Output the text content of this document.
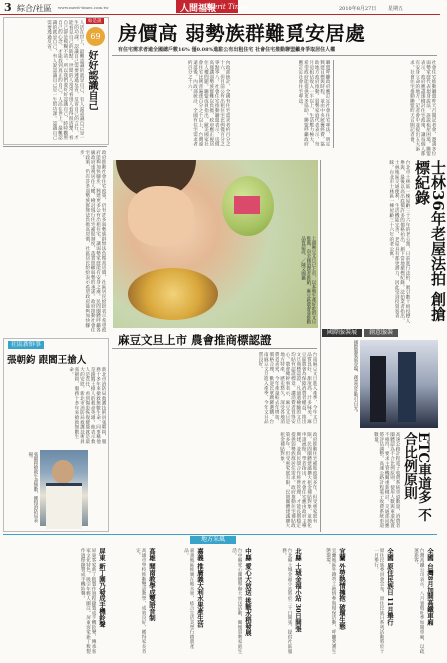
3 綜合/社區 www.merit-times.com.tw	人間福報
Merit Times	2010年8月27日 星期五
如是說
69
好好認識自己
人活在世上，最難認識的就是自己，有人說認識自己是一生的功課。認識自己需要透過反省，反省自己的言行，才能看見自己的缺點。世間的人常常看別人看得很清楚，看自己卻是模糊不清。所以我們要好好認識自己，時時觀照自己的心念，才能找到真正的自己。人活在世上，最難認識的就是自己，有人說認識自己是一生的功課。認識自己需要透過反省。
政府推動社會住宅政策，仍有許多弱勢族群無法負擔高房價，社區居民紛紛表示希望政府能夠加快腳步，興建更多公有出租住宅，讓弱勢家庭能有安身之處。民間團體呼籲各級政府重視居住人權，檢討現行住宅補貼制度，落實照顧弱勢的承諾。政府推動社會住宅政策，仍有許多弱勢族群無法負擔高房價，社區居民紛紛表示希望政府能夠加快腳步。
社區新鮮事
張朝鈞 跟閻王搶人
新北市消防局救護技術員張朝鈞，服務十多年來搶救無數生命，同事稱他是跟閻王搶人的救命英雄。他表示救人是責任，看到傷患恢復健康就是最大的安慰。新北市消防局救護技術員張朝鈞，服務十多年來搶救無數生命。
張朝鈞搶救生命無數，獲得消防局表揚。
房價高 弱勢族群難覓安居處
有住宅需求者逾全國總戶數16% 僅0.08%進駐公有出租住宅 社會住宅推動聯盟籲身爭取居住人權
內政部統計，全國有住宅需求者約百分之十六，但目前公有出租住宅比例僅百分之零點零八。社會住宅推動聯盟表示，房價高漲讓弱勢族群難以負擔，政府應正視居住人權問題。聯盟成員指出，歐美國家社會住宅比例普遍達百分之十以上，台灣遠遠落後。內政部統計，全國有住宅需求者約百分之十六。	聯盟呼籲政府應訂定社會住宅專法，明定興建目標與時程，並由中央統籌經費，協助地方政府推動。弱勢家庭代表表示，每月房租佔收入一半以上，生活壓力極大，希望政府能提供更多協助。聯盟呼籲政府應訂定社會住宅專法。	社會住宅推動聯盟昨天召開記者會，邀請多位弱勢家庭代表現身說法，訴說租屋困境。聯盟表示，政府應盡速檢討住宅政策，讓每個人都有安身立命的地方。記者會中並提出五大訴求。社會住宅推動聯盟昨天召開記者會。
士林36年老屋法拍 創搶標紀錄
台北市士林區一棟屋齡三十六年的老公寓，日前進行法拍，吸引數十組投標人參與，最後以高出底價許多的價格拍出，創下當地搶標紀錄。法拍業者指出，士林地區交通便利，生活機能完善，老屋具有都更潛力，因此受到投資客青睞。台北市士林區一棟屋齡三十六年的老公寓。
上週麻豆文旦已上市，以本地生產好吃的文旦推薦，向全國消費者推銷，麻豆區農會並推動品質認證。／陳文國攝
麻豆文旦上市 農會推商標認證
台南麻豆文旦進入產季，今年文旦品質良好，甜度高、汁多味美。麻豆區農會為保障消費者權益，推出文旦商標認證，凡通過檢驗的文旦均貼有認證標章，讓消費者買得安心。農會總幹事表示，麻豆文旦是地方特產，歷史悠久，深受各地消費者喜愛，今年產量較去年增加，價格合理，歡迎民眾踴躍選購。台南麻豆文旦進入產季，今年文旦品質良好。
國際服裝展	創意服裝
國際服裝展登場，創意設計吸引目光。
ETC車道多 不合比例原則
高速公路計程電子收費系統車道數量，消費者團體認為不合比例原則，使用人數與車道配置不相符，要求主管機關重新檢討。交通部回應將評估調整。高速公路計程電子收費系統車道數量。
政府推動住宅補貼政策多年，但受惠家庭有限，民間團體建議擴大租金補貼對象，並簡化申請流程。學者指出，社會住宅應由政府主導興建，並與民間合作經營管理，才能長期穩定提供弱勢族群居住需求。政府推動住宅補貼政策多年，但受惠家庭有限，民間團體建議擴大租金補貼對象。
地方采風
全國 台灣8月加開高鐵車廂
台灣高鐵公司表示，八月暑假旺季加開車廂，以疏運旅客。
全國 原住民族日 11月舉行
原住民族委員會宣布，原住民族日系列活動將於十一月舉行。
宜蘭 外勞熱情擁抱 破壞生態
宜蘭地區外籍勞工熱情參與環保活動，呼籲愛護生態環境。
北縣 土城金福小站 30日開張
台北縣土城金福小站將於三十日開張，提供社區服務。
中縣 愛心大放送 挑戰水稻發展
台中縣愛心團體舉辦大放送活動，關懷弱勢家庭生活。
嘉義 推廣義大利水果產生活
嘉義地區推廣在地水果，結合生活美學行銷農產品。
高雄 聞南教學成雙語音制
高雄市學校推動雙語教學，成效良好，獲得家長肯定。
屏東 新丁園乃發成手機鈴聲
屏東客家新丁粄製作過程錄製成手機鈴聲，傳承客家文化特色，吸引年輕人關注。屏東客家新丁粄製作過程錄製成手機鈴聲。
